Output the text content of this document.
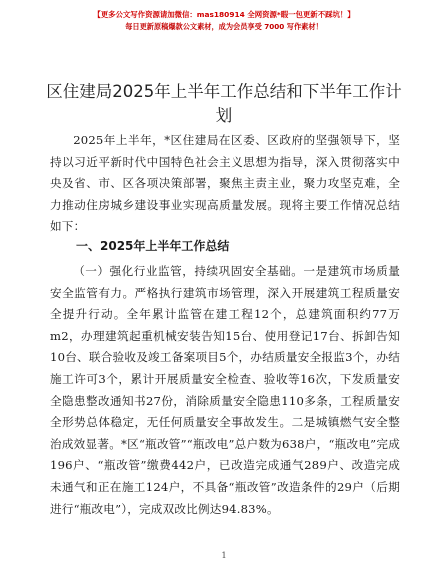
【更多公文写作资源请加微信：mas180914 全网资源*暇一包更新不踩坑！】
每日更新原稿爆款公文素材，成为会员享受 7000 写作素材！
区住建局2025年上半年工作总结和下半年工作计划
2025年上半年，*区住建局在区委、区政府的坚强领导下，坚持以习近平新时代中国特色社会主义思想为指导，深入贯彻落实中央及省、市、区各项决策部署，聚焦主责主业，聚力攻坚克难，全力推动住房城乡建设事业实现高质量发展。现将主要工作情况总结如下：
一、2025年上半年工作总结
（一）强化行业监管，持续巩固安全基础。一是建筑市场质量安全监管有力。严格执行建筑市场管理，深入开展建筑工程质量安全提升行动。全年累计监管在建工程12个，总建筑面积约77万m2，办理建筑起重机械安装告知15台、使用登记17台、拆卸告知10台、联合验收及竣工备案项目5个，办结质量安全报监3个，办结施工许可3个，累计开展质量安全检查、验收等16次，下发质量安全隐患整改通知书27份，消除质量安全隐患110多条，工程质量安全形势总体稳定，无任何质量安全事故发生。二是城镇燃气安全整治成效显著。*区“瓶改管”“瓶改电”总户数为638户，“瓶改电”完成196户、“瓶改管”缴费442户，已改造完成通气289户、改造完成未通气和正在施工124户，不具备“瓶改管”改造条件的29户（后期进行“瓶改电”），完成双改比例达94.83%。
1
